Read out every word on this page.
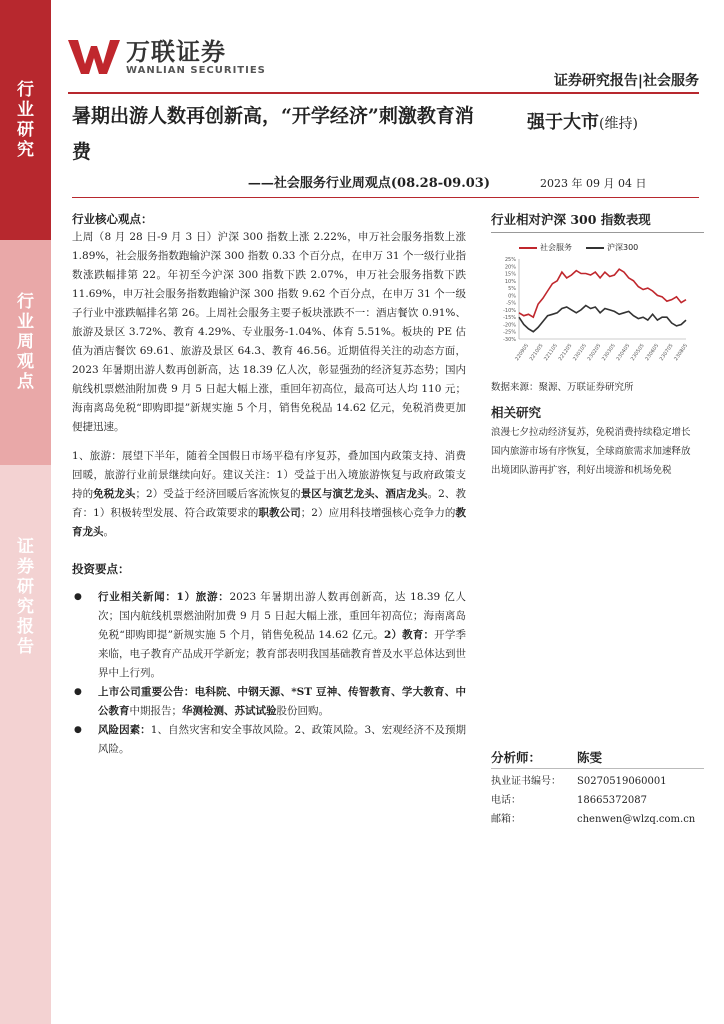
行业研究
行业周观点
证券研究报告
万联证券
WANLIAN SECURITIES
证券研究报告|社会服务
暑期出游人数再创新高，“开学经济”刺激教育消费
——社会服务行业周观点(08.28-09.03)
强于大市(维持)
2023 年 09 月 04 日
行业核心观点：

上周（8 月 28 日-9 月 3 日）沪深 300 指数上涨 2.22%，申万社会服务指数上涨 1.89%，社会服务指数跑输沪深 300 指数 0.33 个百分点，在申万 31 个一级行业指数涨跌幅排第 22。年初至今沪深 300 指数下跌 2.07%，申万社会服务指数下跌 11.69%，申万社会服务指数跑输沪深 300 指数 9.62 个百分点，在申万 31 个一级子行业中涨跌幅排名第 26。上周社会服务主要子板块涨跌不一：酒店餐饮 0.91%、旅游及景区 3.72%、教育 4.29%、专业服务-1.04%、体育 5.51%。板块的 PE 估值为酒店餐饮 69.61、旅游及景区 64.3、教育 46.56。近期值得关注的动态方面，2023 年暑期出游人数再创新高，达 18.39 亿人次，彰显强劲的经济复苏态势；国内航线机票燃油附加费 9 月 5 日起大幅上涨，重回年初高位，最高可达人均 110 元；海南离岛免税“即购即提”新规实施 5 个月，销售免税品 14.62 亿元，免税消费更加便捷迅速。

1、旅游：展望下半年，随着全国假日市场平稳有序复苏，叠加国内政策支持、消费回暖，旅游行业前景继续向好。建议关注：1）受益于出入境旅游恢复与政府政策支持的免税龙头；2）受益于经济回暖后客流恢复的景区与演艺龙头、酒店龙头。2、教育：1）积极转型发展、符合政策要求的职教公司；2）应用科技增强核心竞争力的教育龙头。

投资要点：
● 行业相关新闻：1）旅游：2023 年暑期出游人数再创新高，达 18.39 亿人次；国内航线机票燃油附加费 9 月 5 日起大幅上涨，重回年初高位；海南离岛免税“即购即提”新规实施 5 个月，销售免税品 14.62 亿元。2）教育：开学季来临，电子教育产品成开学新宠；教育部表明我国基础教育普及水平总体达到世界中上行列。
● 上市公司重要公告：电科院、中钢天源、*ST 豆神、传智教育、学大教育、中公教育中期报告；华测检测、苏试试验股份回购。
● 风险因素：1、自然灾害和安全事故风险。2、政策风险。3、宏观经济不及预期风险。
行业相对沪深 300 指数表现
社会服务	沪深300
25%
20%
15%
10%
5%
0%
-5%
-10%
-15%
-20%
-25%
-30%
220905
221005
221105
221205
230105
230205
230305
230405
230505
230605
230705
230805
数据来源：聚源、万联证券研究所
相关研究

浪漫七夕拉动经济复苏，免税消费持续稳定增长

国内旅游市场有序恢复，全球商旅需求加速释放

出境团队游再扩容，利好出境游和机场免税

分析师：	陈雯
执业证书编号：	S0270519060001
电话：	18665372087
邮箱：	chenwen@wlzq.com.cn
